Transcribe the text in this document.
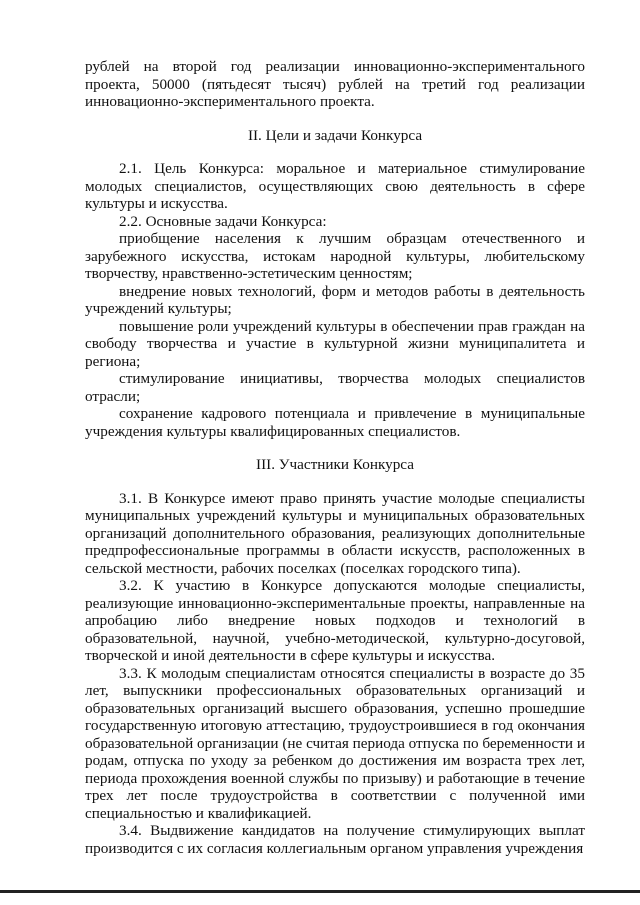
рублей на второй год реализации инновационно-экспериментального проекта, 50000 (пятьдесят тысяч) рублей на третий год реализации инновационно-экспериментального проекта.

II. Цели и задачи Конкурса

2.1. Цель Конкурса: моральное и материальное стимулирование молодых специалистов, осуществляющих свою деятельность в сфере культуры и искусства.

2.2. Основные задачи Конкурса:

приобщение населения к лучшим образцам отечественного и зарубежного искусства, истокам народной культуры, любительскому творчеству, нравственно-эстетическим ценностям;

внедрение новых технологий, форм и методов работы в деятельность учреждений культуры;

повышение роли учреждений культуры в обеспечении прав граждан на свободу творчества и участие в культурной жизни муниципалитета и региона;

стимулирование инициативы, творчества молодых специалистов отрасли;

сохранение кадрового потенциала и привлечение в муниципальные учреждения культуры квалифицированных специалистов.

III. Участники Конкурса

3.1. В Конкурсе имеют право принять участие молодые специалисты муниципальных учреждений культуры и муниципальных образовательных организаций дополнительного образования, реализующих дополнительные предпрофессиональные программы в области искусств, расположенных в сельской местности, рабочих поселках (поселках городского типа).

3.2. К участию в Конкурсе допускаются молодые специалисты, реализующие инновационно-экспериментальные проекты, направленные на апробацию либо внедрение новых подходов и технологий в образовательной, научной, учебно-методической, культурно-досуговой, творческой и иной деятельности в сфере культуры и искусства.

3.3. К молодым специалистам относятся специалисты в возрасте до 35 лет, выпускники профессиональных образовательных организаций и образовательных организаций высшего образования, успешно прошедшие государственную итоговую аттестацию, трудоустроившиеся в год окончания образовательной организации (не считая периода отпуска по беременности и родам, отпуска по уходу за ребенком до достижения им возраста трех лет, периода прохождения военной службы по призыву) и работающие в течение трех лет после трудоустройства в соответствии с полученной ими специальностью и квалификацией.

3.4. Выдвижение кандидатов на получение стимулирующих выплат производится с их согласия коллегиальным органом управления учреждения
